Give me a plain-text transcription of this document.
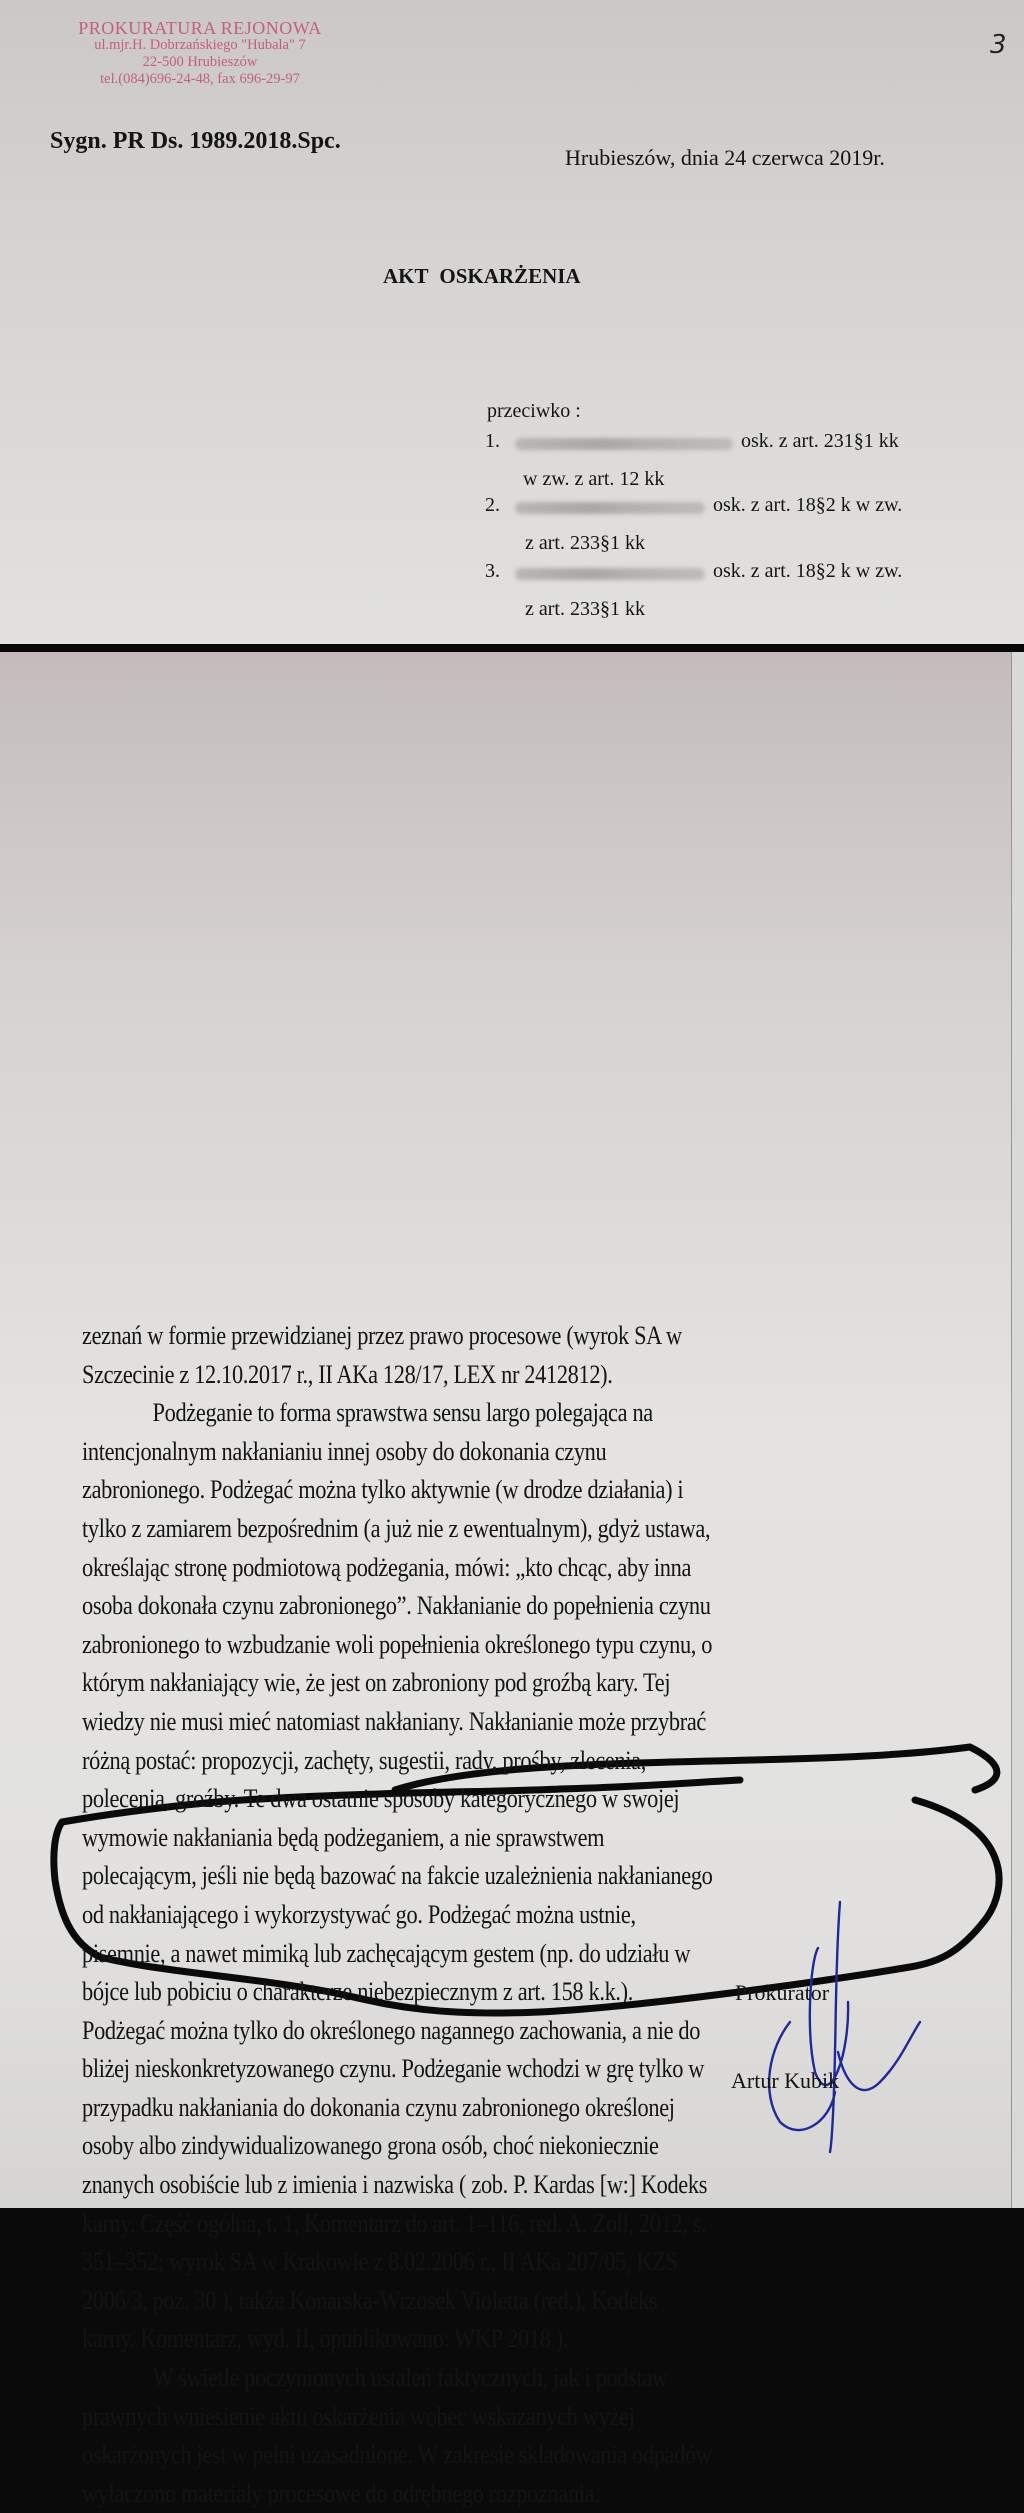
PROKURATURA REJONOWA
ul.mjr.H. Dobrzańskiego "Hubala" 7
22-500 Hrubieszów
tel.(084)696-24-48, fax 696-29-97
3
Sygn. PR Ds. 1989.2018.Spc.
Hrubieszów, dnia 24 czerwca 2019r.
AKT OSKARŻENIA
przeciwko :
1.	osk. z art. 231§1 kk
w zw. z art. 12 kk
2.	osk. z art. 18§2 k w zw.
z art. 233§1 kk
3.	osk. z art. 18§2 k w zw.
z art. 233§1 kk

zeznań w formie przewidzianej przez prawo procesowe (wyrok SA w

Szczecinie z 12.10.2017 r., II AKa 128/17, LEX nr 2412812).

Podżeganie to forma sprawstwa sensu largo polegająca na

intencjonalnym nakłanianiu innej osoby do dokonania czynu

zabronionego. Podżegać można tylko aktywnie (w drodze działania) i

tylko z zamiarem bezpośrednim (a już nie z ewentualnym), gdyż ustawa,

określając stronę podmiotową podżegania, mówi: „kto chcąc, aby inna

osoba dokonała czynu zabronionego”. Nakłanianie do popełnienia czynu

zabronionego to wzbudzanie woli popełnienia określonego typu czynu, o

którym nakłaniający wie, że jest on zabroniony pod groźbą kary. Tej

wiedzy nie musi mieć natomiast nakłaniany. Nakłanianie może przybrać

różną postać: propozycji, zachęty, sugestii, rady, prośby, zlecenia,

polecenia, groźby. Te dwa ostatnie sposoby kategorycznego w swojej

wymowie nakłaniania będą podżeganiem, a nie sprawstwem

polecającym, jeśli nie będą bazować na fakcie uzależnienia nakłanianego

od nakłaniającego i wykorzystywać go. Podżegać można ustnie,

pisemnie, a nawet mimiką lub zachęcającym gestem (np. do udziału w

bójce lub pobiciu o charakterze niebezpiecznym z art. 158 k.k.).

Podżegać można tylko do określonego nagannego zachowania, a nie do

bliżej nieskonkretyzowanego czynu. Podżeganie wchodzi w grę tylko w

przypadku nakłaniania do dokonania czynu zabronionego określonej

osoby albo zindywidualizowanego grona osób, choć niekoniecznie

znanych osobiście lub z imienia i nazwiska ( zob. P. Kardas [w:] Kodeks

karny. Część ogólna, t. 1, Komentarz do art. 1–116, red. A. Zoll, 2012, s.

351–352; wyrok SA w Krakowie z 8.02.2006 r., II AKa 207/05, KZS

2006/3, poz. 30 ), także Konarska-Wrzosek Violetta (red.), Kodeks

karny. Komentarz, wyd. II, opublikowano: WKP 2018 ).

W świetle poczynionych ustaleń faktycznych, jak i podstaw

prawnych wniesienie aktu oskarżenia wobec wskazanych wyżej

oskarżonych jest w pełni uzasadnione. W zakresie składowania odpadów

wyłaczono materiały procesowe do odrębnego rozpoznania.

Prokurator
Artur Kubik
